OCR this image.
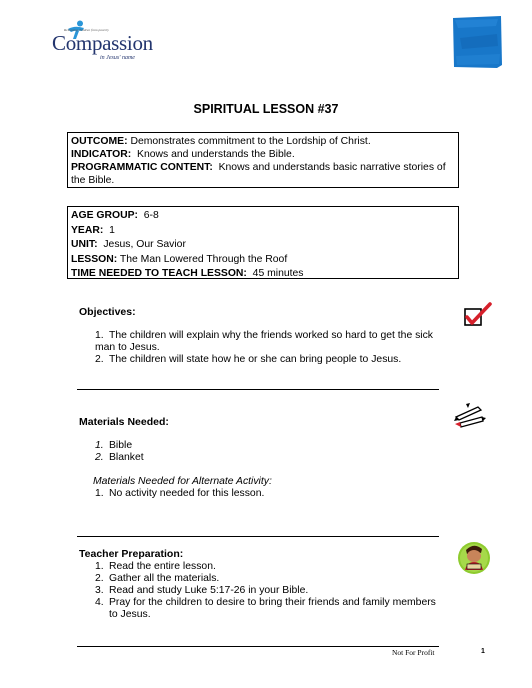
Releasing children from poverty
Compassion
in Jesus' name
SPIRITUAL LESSON #37
OUTCOME: Demonstrates commitment to the Lordship of Christ.
INDICATOR: Knows and understands the Bible.
PROGRAMMATIC CONTENT: Knows and understands basic narrative stories of
the Bible.
AGE GROUP: 6-8
YEAR: 1
UNIT: Jesus, Our Savior
LESSON: The Man Lowered Through the Roof
TIME NEEDED TO TEACH LESSON: 45 minutes
Objectives:
1. The children will explain why the friends worked so hard to get the sick
man to Jesus.
2. The children will state how he or she can bring people to Jesus.
Materials Needed:
1. Bible
2. Blanket
Materials Needed for Alternate Activity:
1. No activity needed for this lesson.
Teacher Preparation:
1. Read the entire lesson.
2. Gather all the materials.
3. Read and study Luke 5:17-26 in your Bible.
4. Pray for the children to desire to bring their friends and family members
to Jesus.
Not For Profit	1
